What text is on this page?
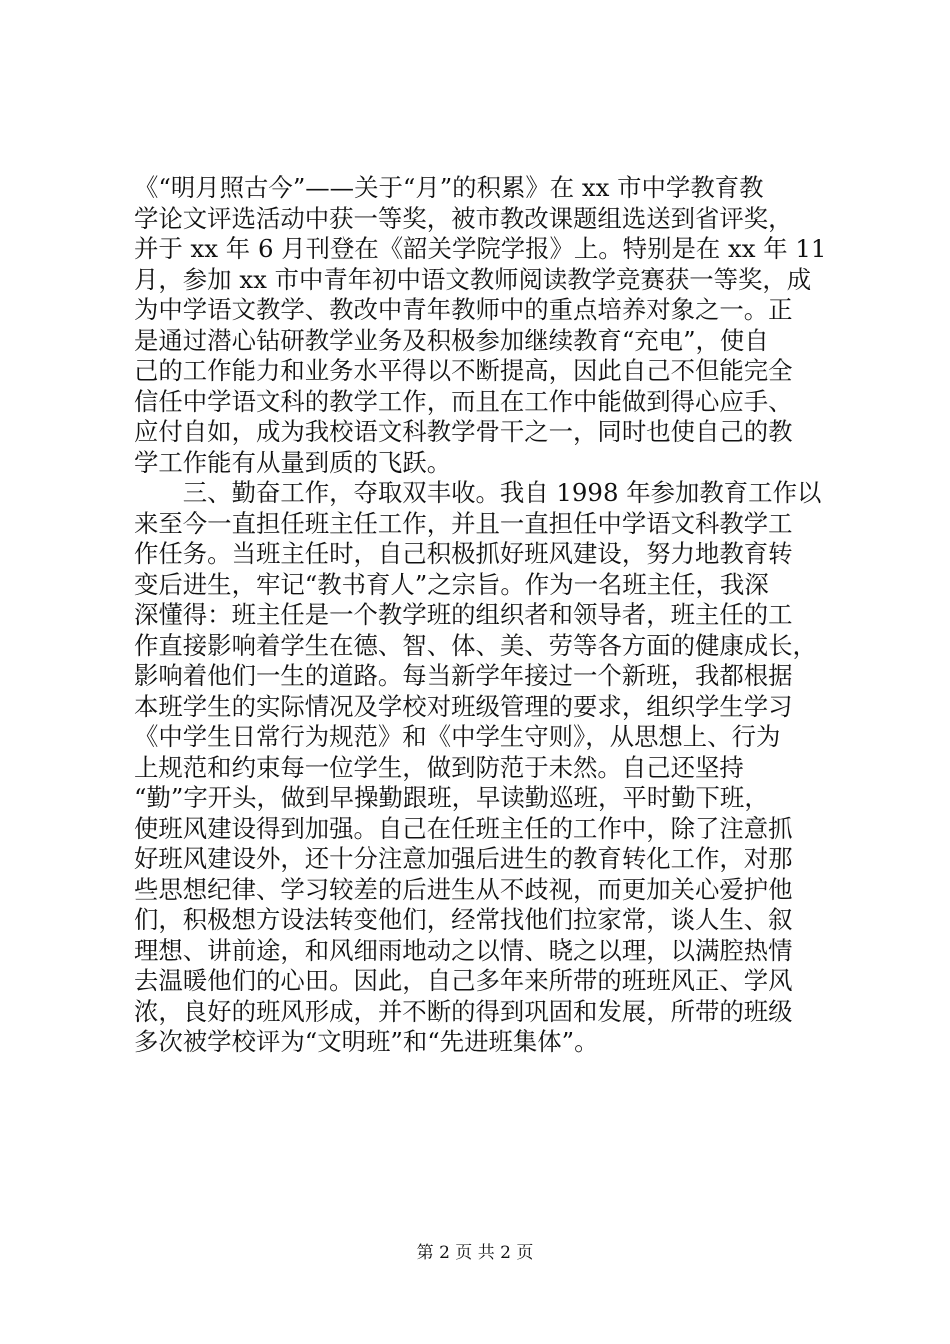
《“明月照古今”——关于“月”的积累》在 xx 市中学教育教
学论文评选活动中获一等奖，被市教改课题组选送到省评奖，
并于 xx 年 6 月刊登在《韶关学院学报》上。特别是在 xx 年 11
月，参加 xx 市中青年初中语文教师阅读教学竞赛获一等奖，成
为中学语文教学、教改中青年教师中的重点培养对象之一。正
是通过潜心钻研教学业务及积极参加继续教育“充电”，使自
己的工作能力和业务水平得以不断提高，因此自己不但能完全
信任中学语文科的教学工作，而且在工作中能做到得心应手、
应付自如，成为我校语文科教学骨干之一，同时也使自己的教
学工作能有从量到质的飞跃。
　　三、勤奋工作，夺取双丰收。我自 1998 年参加教育工作以
来至今一直担任班主任工作，并且一直担任中学语文科教学工
作任务。当班主任时，自己积极抓好班风建设，努力地教育转
变后进生，牢记“教书育人”之宗旨。作为一名班主任，我深
深懂得：班主任是一个教学班的组织者和领导者，班主任的工
作直接影响着学生在德、智、体、美、劳等各方面的健康成长，
影响着他们一生的道路。每当新学年接过一个新班，我都根据
本班学生的实际情况及学校对班级管理的要求，组织学生学习
《中学生日常行为规范》和《中学生守则》，从思想上、行为
上规范和约束每一位学生，做到防范于未然。自己还坚持
“勤”字开头，做到早操勤跟班，早读勤巡班，平时勤下班，
使班风建设得到加强。自己在任班主任的工作中，除了注意抓
好班风建设外，还十分注意加强后进生的教育转化工作，对那
些思想纪律、学习较差的后进生从不歧视，而更加关心爱护他
们，积极想方设法转变他们，经常找他们拉家常，谈人生、叙
理想、讲前途，和风细雨地动之以情、晓之以理，以满腔热情
去温暖他们的心田。因此，自己多年来所带的班班风正、学风
浓，良好的班风形成，并不断的得到巩固和发展，所带的班级
多次被学校评为“文明班”和“先进班集体”。
第 2 页 共 2 页
